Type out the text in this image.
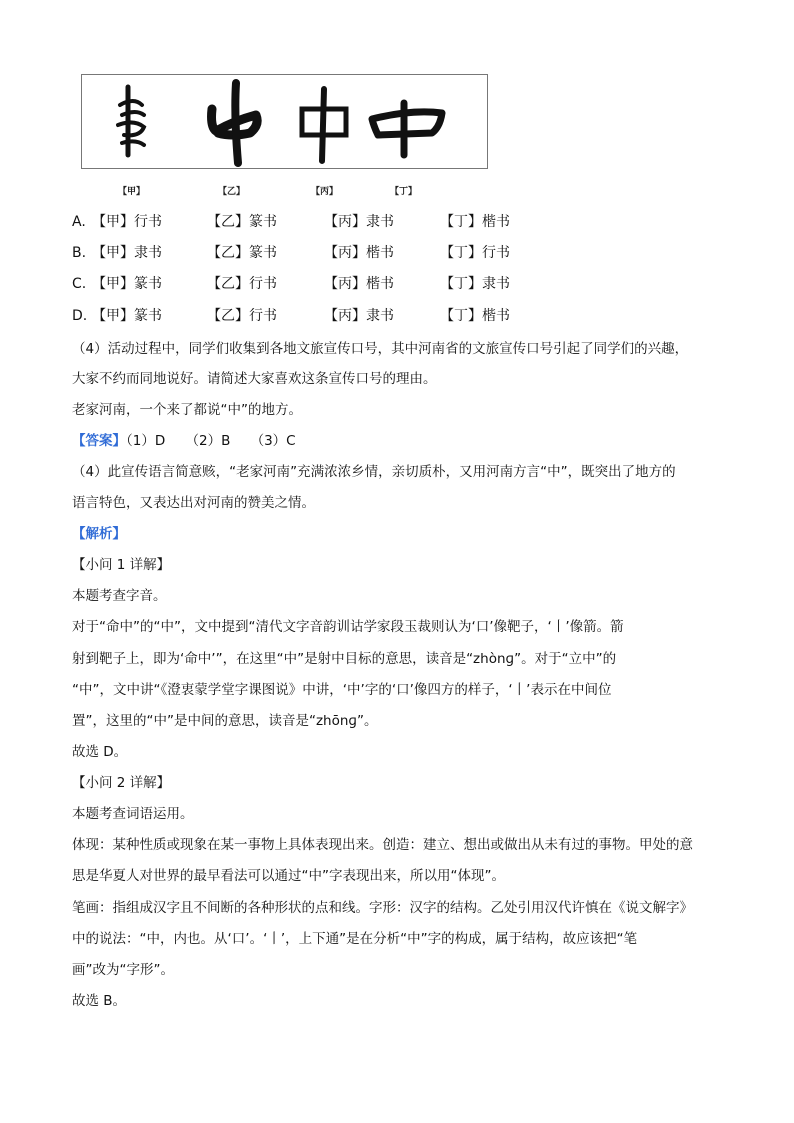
【甲】	【乙】	【丙】	【丁】
A. 【甲】行书	【乙】篆书	【丙】隶书	【丁】楷书
B. 【甲】隶书	【乙】篆书	【丙】楷书	【丁】行书
C. 【甲】篆书	【乙】行书	【丙】楷书	【丁】隶书
D. 【甲】篆书	【乙】行书	【丙】隶书	【丁】楷书
（4）活动过程中，同学们收集到各地文旅宣传口号，其中河南省的文旅宣传口号引起了同学们的兴趣，
大家不约而同地说好。请简述大家喜欢这条宣传口号的理由。
老家河南，一个来了都说“中”的地方。
【答案】（1）D　　（2）B　　（3）C
（4）此宣传语言简意赅，“老家河南”充满浓浓乡情，亲切质朴，又用河南方言“中”，既突出了地方的
语言特色，又表达出对河南的赞美之情。
【解析】
【小问 1 详解】
本题考查字音。
对于“命中”的“中”，文中提到“清代文字音韵训诂学家段玉裁则认为‘口’像靶子，‘丨’像箭。箭
射到靶子上，即为‘命中’”，在这里“中”是射中目标的意思，读音是“zhònɡ”。对于“立中”的
“中”，文中讲“《澄衷蒙学堂字课图说》中讲，‘中’字的‘口’像四方的样子，‘丨’表示在中间位
置”，这里的“中”是中间的意思，读音是“zhōnɡ”。
故选 D。
【小问 2 详解】
本题考查词语运用。
体现：某种性质或现象在某一事物上具体表现出来。创造：建立、想出或做出从未有过的事物。甲处的意
思是华夏人对世界的最早看法可以通过“中”字表现出来，所以用“体现”。
笔画：指组成汉字且不间断的各种形状的点和线。字形：汉字的结构。乙处引用汉代许慎在《说文解字》
中的说法：“中，内也。从‘口’。‘丨’，上下通”是在分析“中”字的构成，属于结构，故应该把“笔
画”改为“字形”。
故选 B。
